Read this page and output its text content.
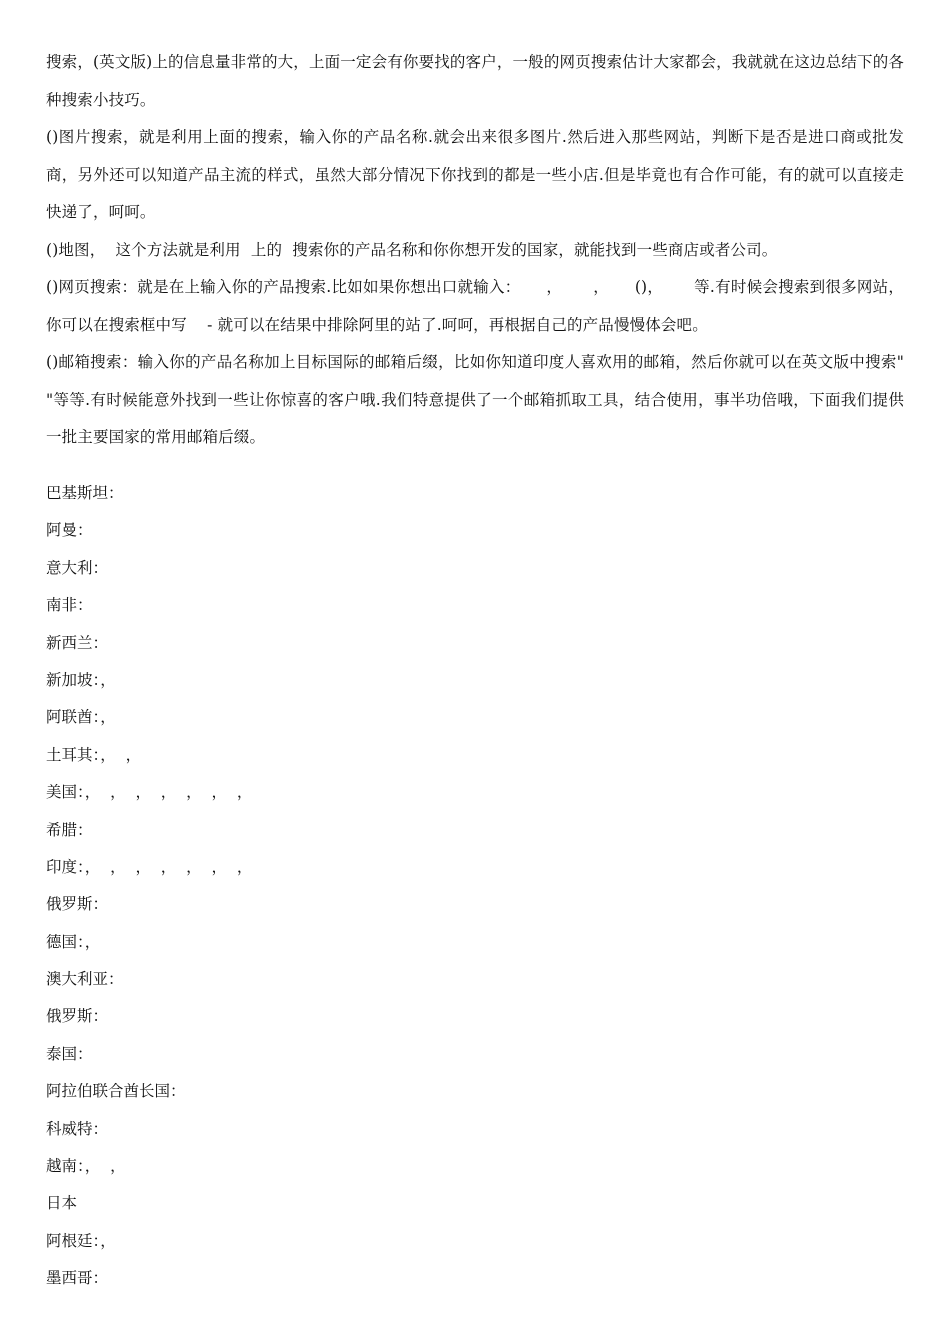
搜索，(英文版)上的信息量非常的大，上面一定会有你要找的客户，一般的网页搜索估计大家都会，我就就在这边总结下的各种搜索小技巧。

()图片搜索，就是利用上面的搜索，输入你的产品名称.就会出来很多图片.然后进入那些网站，判断下是否是进口商或批发商，另外还可以知道产品主流的样式，虽然大部分情况下你找到的都是一些小店.但是毕竟也有合作可能，有的就可以直接走快递了，呵呵。

()地图，  这个方法就是利用  上的  搜索你的产品名称和你你想开发的国家，就能找到一些商店或者公司。

()网页搜索：就是在上输入你的产品搜索.比如如果你想出口就输入：     ，      ，     ()，      等.有时候会搜索到很多网站，你可以在搜索框中写    - 就可以在结果中排除阿里的站了.呵呵，再根据自己的产品慢慢体会吧。

()邮箱搜索：输入你的产品名称加上目标国际的邮箱后缀，比如你知道印度人喜欢用的邮箱，然后你就可以在英文版中搜索"  "等等.有时候能意外找到一些让你惊喜的客户哦.我们特意提供了一个邮箱抓取工具，结合使用，事半功倍哦，下面我们提供一批主要国家的常用邮箱后缀。

巴基斯坦：
阿曼：
意大利：
南非：
新西兰：
新加坡：，
阿联酋：，
土耳其：，  ，
美国：，  ，  ，  ，  ，  ，  ，
希腊：
印度：，  ，  ，  ，  ，  ，  ，
俄罗斯：
德国：，
澳大利亚：
俄罗斯：
泰国：
阿拉伯联合酋长国：
科威特：
越南：，  ，
日本
阿根廷：，
墨西哥：
